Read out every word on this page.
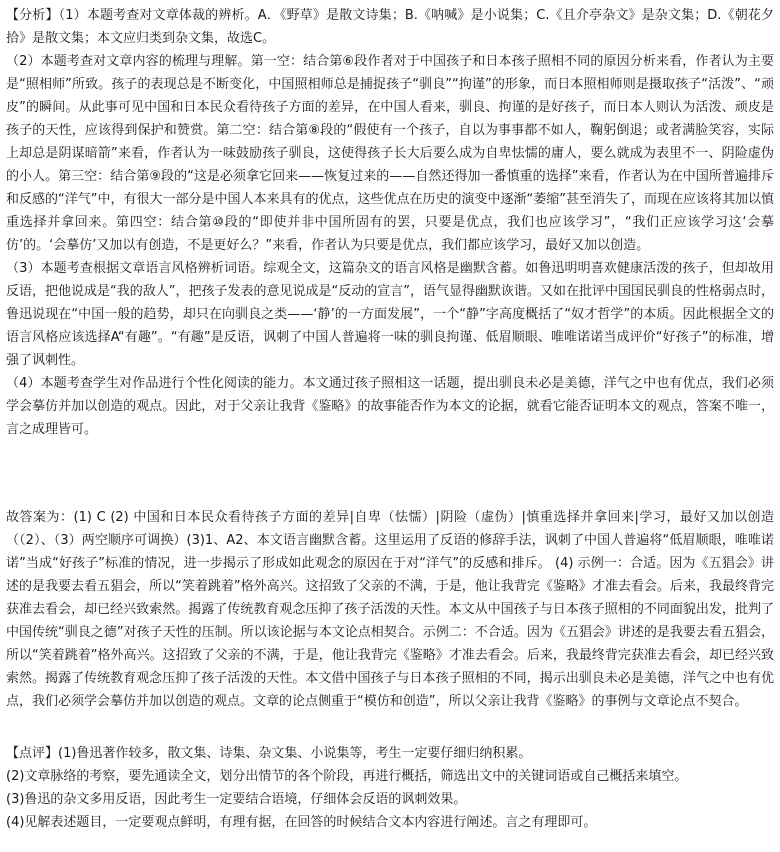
【分析】（1）本题考查对文章体裁的辨析。A．《野草》是散文诗集；B.《呐喊》是小说集；C.《且介亭杂文》是杂文集；D.《朝花夕拾》是散文集；本文应归类到杂文集，故选C。

（2）本题考查对文章内容的梳理与理解。第一空：结合第⑥段作者对于中国孩子和日本孩子照相不同的原因分析来看，作者认为主要是“照相师”所致。孩子的表现总是不断变化，中国照相师总是捕捉孩子“驯良”“拘谨”的形象，而日本照相师则是摄取孩子“活泼”、“顽皮”的瞬间。从此事可见中国和日本民众看待孩子方面的差异，在中国人看来，驯良、拘谨的是好孩子，而日本人则认为活泼、顽皮是孩子的天性，应该得到保护和赞赏。第二空：结合第⑧段的“假使有一个孩子，自以为事事都不如人，鞠躬倒退；或者满脸笑容，实际上却总是阴谋暗箭”来看，作者认为一味鼓励孩子驯良，这使得孩子长大后要么成为自卑怯懦的庸人，要么就成为表里不一、阴险虚伪的小人。第三空：结合第⑨段的“这是必须拿它回来——恢复过来的——自然还得加一番慎重的选择”来看，作者认为在中国所普遍排斥和反感的“洋气”中，有很大一部分是中国人本来具有的优点，这些优点在历史的演变中逐渐“萎缩”甚至消失了，而现在应该将其加以慎重选择并拿回来。第四空：结合第⑩段的“即使并非中国所固有的罢，只要是优点，我们也应该学习”，“我们正应该学习这‘会摹仿’的。‘会摹仿’又加以有创造，不是更好么？”来看，作者认为只要是优点，我们都应该学习，最好又加以创造。

（3）本题考查根据文章语言风格辨析词语。综观全文，这篇杂文的语言风格是幽默含蓄。如鲁迅明明喜欢健康活泼的孩子，但却故用反语，把他说成是“我的敌人”，把孩子发表的意见说成是“反动的宣言”，语气显得幽默诙谐。又如在批评中国国民驯良的性格弱点时，鲁迅说现在“中国一般的趋势，却只在向驯良之类——‘静’的一方面发展”，一个“静”字高度概括了“奴才哲学”的本质。因此根据全文的语言风格应该选择A“有趣”。“有趣”是反语，讽刺了中国人普遍将一味的驯良拘谨、低眉顺眼、唯唯诺诺当成评价“好孩子”的标准，增强了讽刺性。

（4）本题考查学生对作品进行个性化阅读的能力。本文通过孩子照相这一话题，提出驯良未必是美德，洋气之中也有优点，我们必须学会摹仿并加以创造的观点。因此，对于父亲让我背《鉴略》的故事能否作为本文的论据，就看它能否证明本文的观点，答案不唯一，言之成理皆可。

故答案为：(1) C (2) 中国和日本民众看待孩子方面的差异|自卑（怯懦）|阴险（虚伪）|慎重选择并拿回来|学习，最好又加以创造（（2）、（3）两空顺序可调换）(3)1、A2、本文语言幽默含蓄。这里运用了反语的修辞手法，讽刺了中国人普遍将“低眉顺眼，唯唯诺诺”当成“好孩子”标准的情况，进一步揭示了形成如此观念的原因在于对“洋气”的反感和排斥。 (4) 示例一：合适。因为《五猖会》讲述的是我要去看五猖会，所以“笑着跳着”格外高兴。这招致了父亲的不满，于是，他让我背完《鉴略》才准去看会。后来，我最终背完获准去看会，却已经兴致索然。揭露了传统教育观念压抑了孩子活泼的天性。本文从中国孩子与日本孩子照相的不同面貌出发，批判了中国传统“驯良之德”对孩子天性的压制。所以该论据与本文论点相契合。示例二：不合适。因为《五猖会》讲述的是我要去看五猖会，所以“笑着跳着”格外高兴。这招致了父亲的不满，于是，他让我背完《鉴略》才准去看会。后来，我最终背完获准去看会，却已经兴致索然。揭露了传统教育观念压抑了孩子活泼的天性。本文借中国孩子与日本孩子照相的不同，揭示出驯良未必是美德，洋气之中也有优点，我们必须学会摹仿并加以创造的观点。文章的论点侧重于“模仿和创造”，所以父亲让我背《鉴略》的事例与文章论点不契合。

【点评】(1)鲁迅著作较多，散文集、诗集、杂文集、小说集等，考生一定要仔细归纳积累。

(2)文章脉络的考察，要先通读全文，划分出情节的各个阶段，再进行概括，筛选出文中的关键词语或自己概括来填空。

(3)鲁迅的杂文多用反语，因此考生一定要结合语境，仔细体会反语的讽刺效果。

(4)见解表述题目，一定要观点鲜明，有理有据，在回答的时候结合文本内容进行阐述。言之有理即可。
